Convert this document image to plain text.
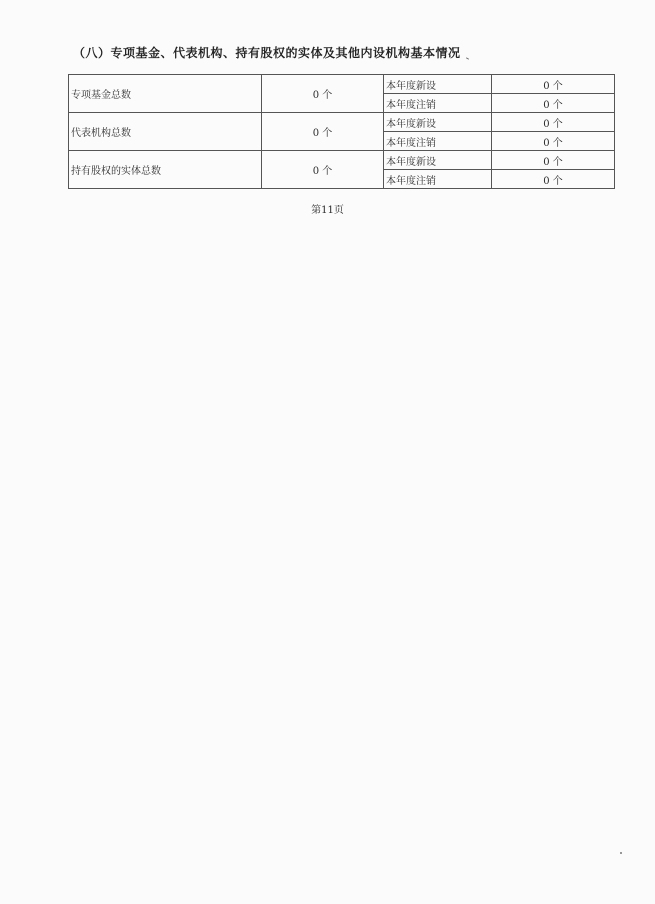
（八）专项基金、代表机构、持有股权的实体及其他内设机构基本情况
专项基金总数	0 个	本年度新设	0 个
		本年度注销	0 个
代表机构总数	0 个	本年度新设	0 个
		本年度注销	0 个
持有股权的实体总数	0 个	本年度新设	0 个
		本年度注销	0 个
第11页
